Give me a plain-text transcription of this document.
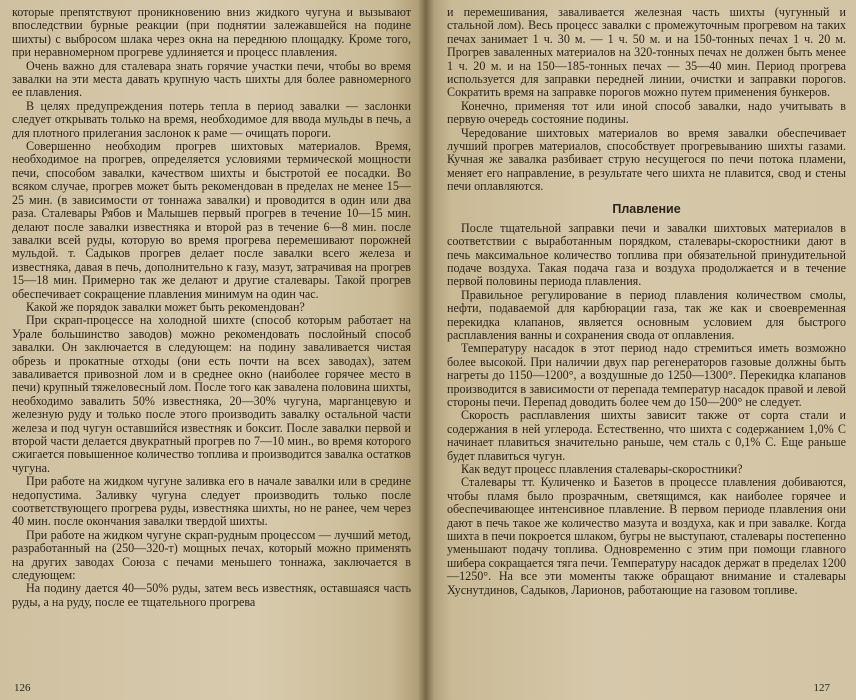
которые препятствуют проникновению вниз жидкого чугуна и вызывают впоследствии бурные реакции (при поднятии залежавшейся на подине шихты) с выбросом шлака через окна на переднюю площадку. Кроме того, при неравномерном прогреве удлиняется и процесс плавления.

Очень важно для сталевара знать горячие участки печи, чтобы во время завалки на эти места давать крупную часть шихты для более равномерного ее плавления.

В целях предупреждения потерь тепла в период завалки — заслонки следует открывать только на время, необходимое для ввода мульды в печь, а для плотного прилегания заслонок к раме — очищать пороги.

Совершенно необходим прогрев шихтовых материалов. Время, необходимое на прогрев, определяется условиями термической мощности печи, способом завалки, качеством шихты и быстротой ее посадки. Во всяком случае, прогрев может быть рекомендован в пределах не менее 15—25 мин. (в зависимости от тоннажа завалки) и проводится в один или два раза. Сталевары Рябов и Малышев первый прогрев в течение 10—15 мин. делают после завалки известняка и второй раз в течение 6—8 мин. после завалки всей руды, которую во время прогрева перемешивают порожней мульдой. т. Садыков прогрев делает после завалки всего железа и известняка, давая в печь, дополнительно к газу, мазут, затрачивая на прогрев 15—18 мин. Примерно так же делают и другие сталевары. Такой прогрев обеспечивает сокращение плавления минимум на один час.

Какой же порядок завалки может быть рекомендован?

При скрап-процессе на холодной шихте (способ которым работает на Урале большинство заводов) можно рекомендовать послойный способ завалки. Он заключается в следующем: на подину заваливается чистая обрезь и прокатные отходы (они есть почти на всех заводах), затем заваливается привозной лом и в среднее окно (наиболее горячее место в печи) крупный тяжеловесный лом. После того как завалена половина шихты, необходимо завалить 50% известняка, 20—30% чугуна, марганцевую и железную руду и только после этого производить завалку остальной части железа и под чугун оставшийся известняк и боксит. После завалки первой и второй части делается двукратный прогрев по 7—10 мин., во время которого сжигается повышенное количество топлива и производится завалка остатков чугуна.

При работе на жидком чугуне заливка его в начале завалки или в средине недопустима. Заливку чугуна следует производить только после соответствующего прогрева руды, известняка шихты, но не ранее, чем через 40 мин. после окончания завалки твердой шихты.

При работе на жидком чугуне скрап-рудным процессом — лучший метод, разработанный на (250—320-т) мощных печах, который можно применять на других заводах Союза с печами меньшего тоннажа, заключается в следующем:

На подину дается 40—50% руды, затем весь известняк, оставшаяся часть руды, а на руду, после ее тщательного прогрева

126

и перемешивания, заваливается железная часть шихты (чугунный и стальной лом). Весь процесс завалки с промежуточным прогревом на таких печах занимает 1 ч. 30 м. — 1 ч. 50 м. и на 150-тонных печах 1 ч. 20 м. Прогрев заваленных материалов на 320-тонных печах не должен быть менее 1 ч. 20 м. и на 150—185-тонных печах — 35—40 мин. Период прогрева используется для заправки передней линии, очистки и заправки порогов. Сократить время на заправке порогов можно путем применения бункеров.

Конечно, применяя тот или иной способ завалки, надо учитывать в первую очередь состояние подины.

Чередование шихтовых материалов во время завалки обеспечивает лучший прогрев материалов, способствует прогревыванию шихты газами. Кучная же завалка разбивает струю несущегося по печи потока пламени, меняет его направление, в результате чего шихта не плавится, свод и стены печи оплавляются.

Плавление

После тщательной заправки печи и завалки шихтовых материалов в соответствии с выработанным порядком, сталевары-скоростники дают в печь максимальное количество топлива при обязательной принудительной подаче воздуха. Такая подача газа и воздуха продолжается и в течение первой половины периода плавления.

Правильное регулирование в период плавления количеством смолы, нефти, подаваемой для карбюрации газа, так же как и своевременная перекидка клапанов, является основным условием для быстрого расплавления ванны и сохранения свода от оплавления.

Температуру насадок в этот период надо стремиться иметь возможно более высокой. При наличии двух пар регенераторов газовые должны быть нагреты до 1150—1200°, а воздушные до 1250—1300°. Перекидка клапанов производится в зависимости от перепада температур насадок правой и левой стороны печи. Перепад доводить более чем до 150—200° не следует.

Скорость расплавления шихты зависит также от сорта стали и содержания в ней углерода. Естественно, что шихта с содержанием 1,0% С начинает плавиться значительно раньше, чем сталь с 0,1% С. Еще раньше будет плавиться чугун.

Как ведут процесс плавления сталевары-скоростники?

Сталевары тт. Куличенко и Базетов в процессе плавления добиваются, чтобы пламя было прозрачным, светящимся, как наиболее горячее и обеспечивающее интенсивное плавление. В первом периоде плавления они дают в печь такое же количество мазута и воздуха, как и при завалке. Когда шихта в печи покроется шлаком, бугры не выступают, сталевары постепенно уменьшают подачу топлива. Одновременно с этим при помощи главного шибера сокращается тяга печи. Температуру насадок держат в пределах 1200—1250°. На все эти моменты также обращают внимание и сталевары Хуснутдинов, Садыков, Ларионов, работающие на газовом топливе.

127
